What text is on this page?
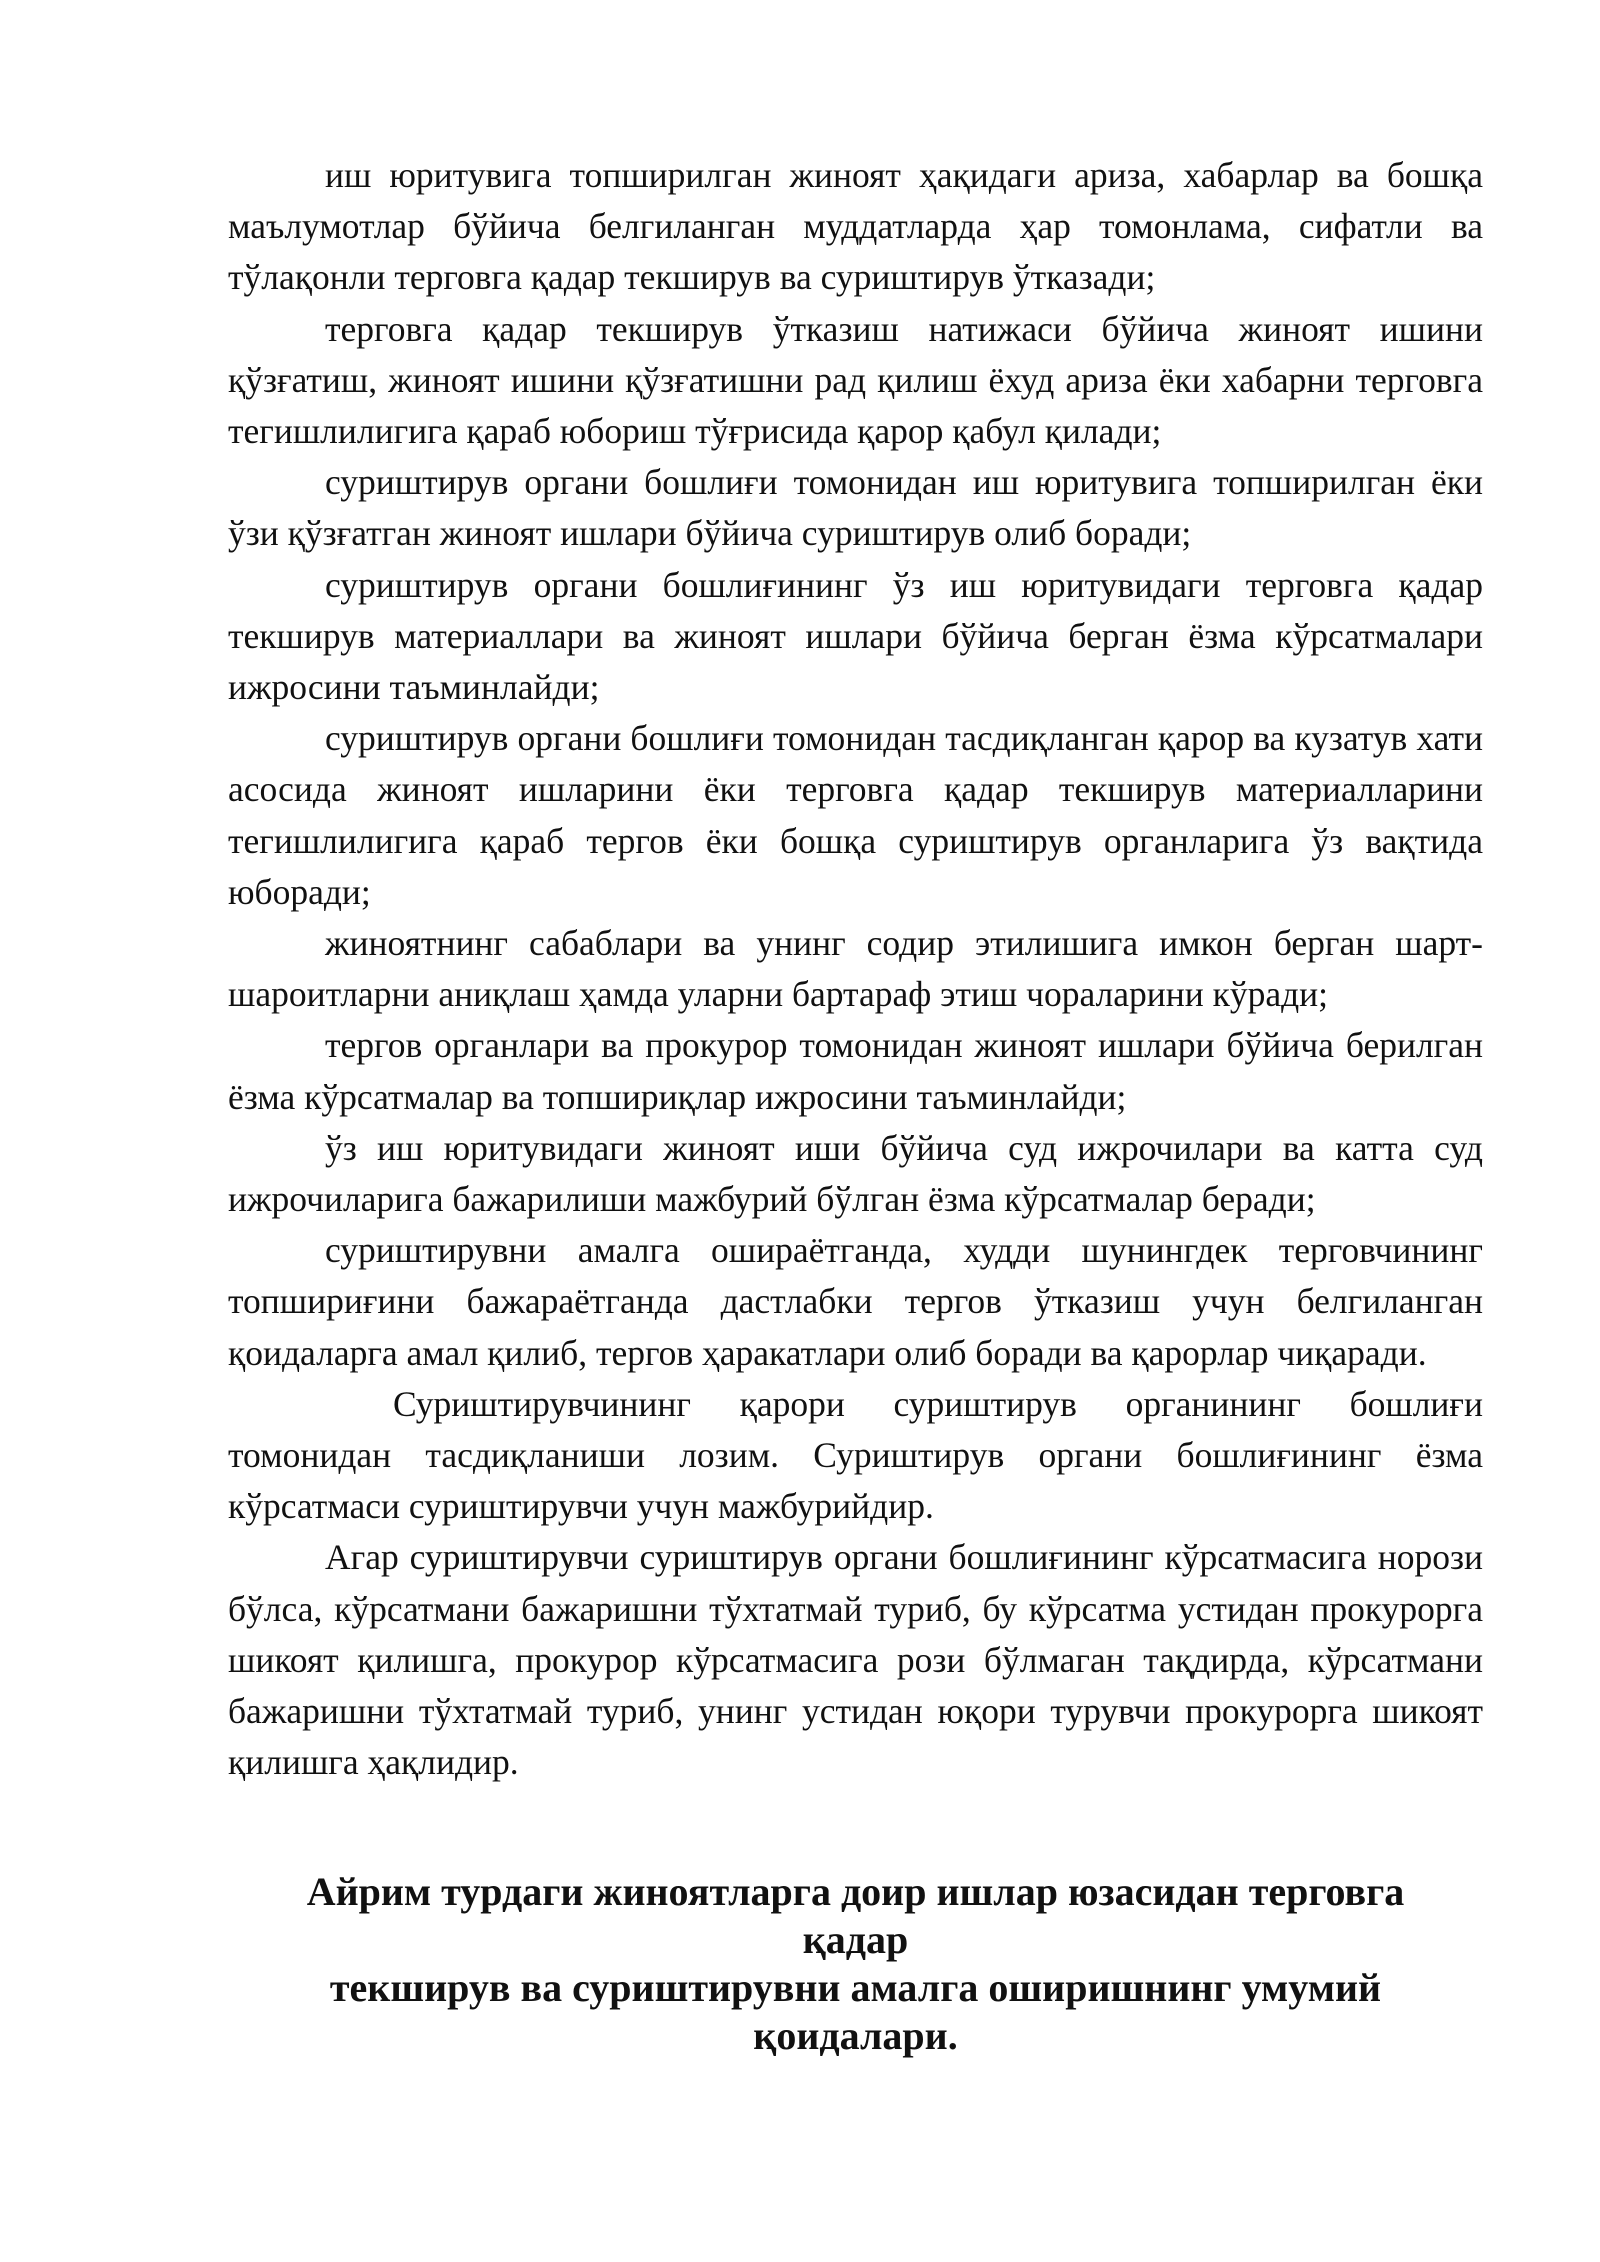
иш юритувига топширилган жиноят ҳақидаги ариза, хабарлар ва бошқа маълумотлар бўйича белгиланган муддатларда ҳар томонлама, сифатли ва тўлақонли терговга қадар текширув ва суриштирув ўтказади;

терговга қадар текширув ўтказиш натижаси бўйича жиноят ишини қўзғатиш, жиноят ишини қўзғатишни рад қилиш ёхуд ариза ёки хабарни терговга тегишлилигига қараб юбориш тўғрисида қарор қабул қилади;

суриштирув органи бошлиғи томонидан иш юритувига топширилган ёки ўзи қўзғатган жиноят ишлари бўйича суриштирув олиб боради;

суриштирув органи бошлиғининг ўз иш юритувидаги терговга қадар текширув материаллари ва жиноят ишлари бўйича берган ёзма кўрсатмалари ижросини таъминлайди;

суриштирув органи бошлиғи томонидан тасдиқланган қарор ва кузатув хати асосида жиноят ишларини ёки терговга қадар текширув материалларини тегишлилигига қараб тергов ёки бошқа суриштирув органларига ўз вақтида юборади;

жиноятнинг сабаблари ва унинг содир этилишига имкон берган шарт-шароитларни аниқлаш ҳамда уларни бартараф этиш чораларини кўради;

тергов органлари ва прокурор томонидан жиноят ишлари бўйича берилган ёзма кўрсатмалар ва топшириқлар ижросини таъминлайди;

ўз иш юритувидаги жиноят иши бўйича суд ижрочилари ва катта суд ижрочиларига бажарилиши мажбурий бўлган ёзма кўрсатмалар беради;

суриштирувни амалга ошираётганда, худди шунингдек терговчининг топшириғини бажараётганда дастлабки тергов ўтказиш учун белгиланган қоидаларга амал қилиб, тергов ҳаракатлари олиб боради ва қарорлар чиқаради.

Суриштирувчининг қарори суриштирув органининг бошлиғи томонидан тасдиқланиши лозим. Суриштирув органи бошлиғининг ёзма кўрсатмаси суриштирувчи учун мажбурийдир.

Агар суриштирувчи суриштирув органи бошлиғининг кўрсатмасига норози бўлса, кўрсатмани бажаришни тўхтатмай туриб, бу кўрсатма устидан прокурорга шикоят қилишга, прокурор кўрсатмасига рози бўлмаган тақдирда, кўрсатмани бажаришни тўхтатмай туриб, унинг устидан юқори турувчи прокурорга шикоят қилишга ҳақлидир.

Айрим турдаги жиноятларга доир ишлар юзасидан терговга
қадар
текширув ва суриштирувни амалга оширишнинг умумий
қоидалари.
